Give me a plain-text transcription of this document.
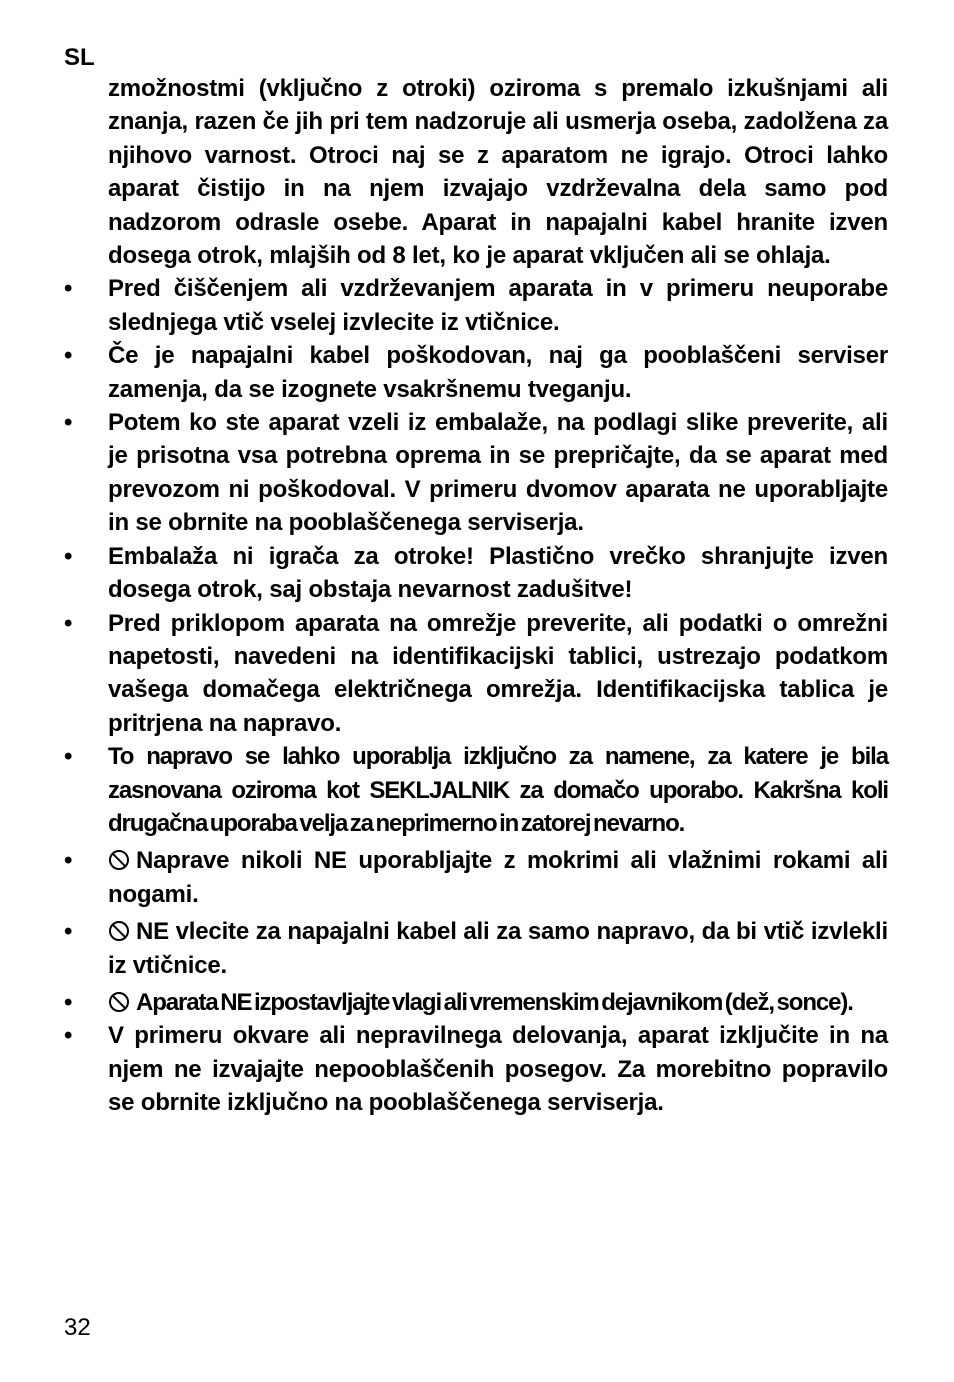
SL

zmožnostmi (vključno z otroki) oziroma s premalo izkušnjami ali znanja, razen če jih pri tem nadzoruje ali usmerja oseba, zadolžena za njihovo varnost. Otroci naj se z aparatom ne igrajo. Otroci lahko aparat čistijo in na njem izvajajo vzdrževalna dela samo pod nadzorom odrasle osebe. Aparat in napajalni kabel hranite izven dosega otrok, mlajših od 8 let, ko je aparat vključen ali se ohlaja.

•	Pred čiščenjem ali vzdrževanjem aparata in v primeru neuporabe slednjega vtič vselej izvlecite iz vtičnice.
•	Če je napajalni kabel poškodovan, naj ga pooblaščeni serviser zamenja, da se izognete vsakršnemu tveganju.
•	Potem ko ste aparat vzeli iz embalaže, na podlagi slike preverite, ali je prisotna vsa potrebna oprema in se prepričajte, da se aparat med prevozom ni poškodoval. V primeru dvomov aparata ne uporabljajte in se obrnite na pooblaščenega serviserja.
•	Embalaža ni igrača za otroke! Plastično vrečko shranjujte izven dosega otrok, saj obstaja nevarnost zadušitve!
•	Pred priklopom aparata na omrežje preverite, ali podatki o omrežni napetosti, navedeni na identifikacijski tablici, ustrezajo podatkom vašega domačega električnega omrežja. Identifikacijska tablica je pritrjena na napravo.
•	To napravo se lahko uporablja izključno za namene, za katere je bila zasnovana oziroma kot SEKLJALNIK za domačo uporabo. Kakršna koli drugačna uporaba velja za neprimerno in zatorej nevarno.
•	Naprave nikoli NE uporabljajte z mokrimi ali vlažnimi rokami ali nogami.
•	NE vlecite za napajalni kabel ali za samo napravo, da bi vtič izvlekli iz vtičnice.
•	Aparata NE izpostavljajte vlagi ali vremenskim dejavnikom (dež, sonce).
•	V primeru okvare ali nepravilnega delovanja, aparat izključite in na njem ne izvajajte nepooblaščenih posegov. Za morebitno popravilo se obrnite izključno na pooblaščenega serviserja.
32
